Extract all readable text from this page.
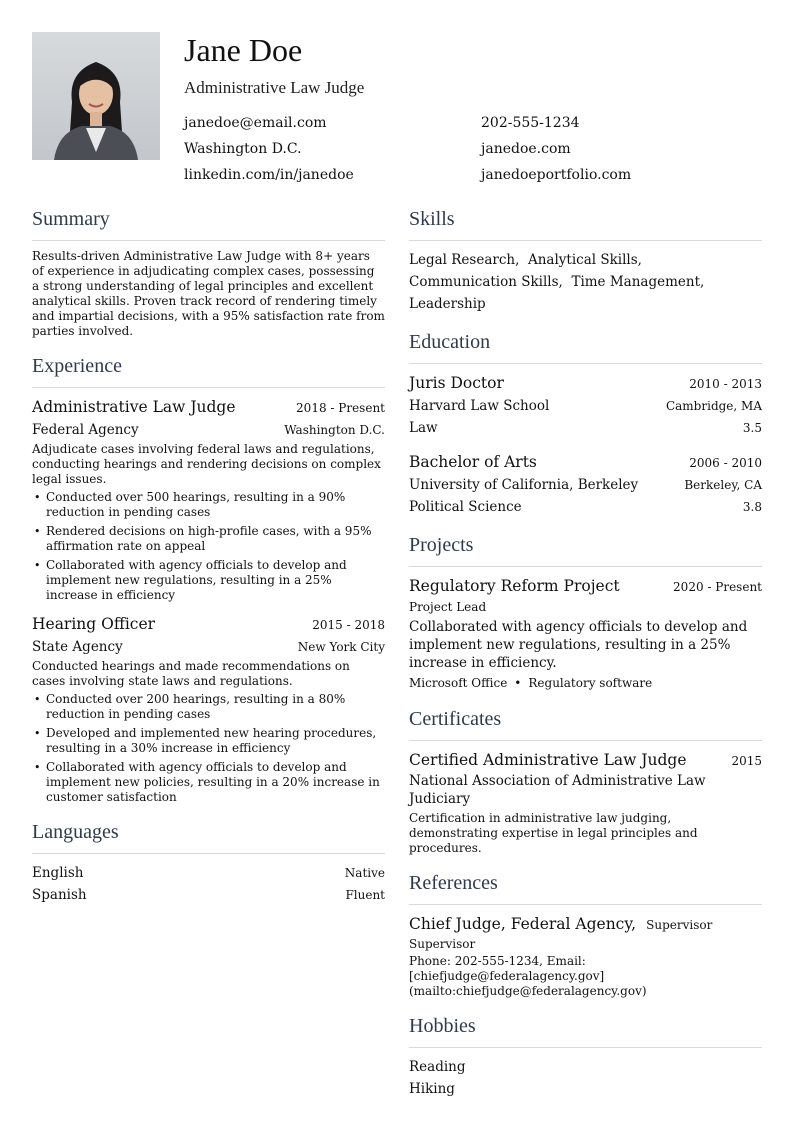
Jane Doe
Administrative Law Judge
janedoe@email.com	202-555-1234
Washington D.C.	janedoe.com
linkedin.com/in/janedoe	janedoeportfolio.com
Summary
Results-driven Administrative Law Judge with 8+ years of experience in adjudicating complex cases, possessing a strong understanding of legal principles and excellent analytical skills. Proven track record of rendering timely and impartial decisions, with a 95% satisfaction rate from parties involved.
Experience
Administrative Law Judge	2018 - Present
Federal Agency	Washington D.C.
Adjudicate cases involving federal laws and regulations, conducting hearings and rendering decisions on complex legal issues.
• Conducted over 500 hearings, resulting in a 90% reduction in pending cases
• Rendered decisions on high-profile cases, with a 95% affirmation rate on appeal
• Collaborated with agency officials to develop and implement new regulations, resulting in a 25% increase in efficiency
Hearing Officer	2015 - 2018
State Agency	New York City
Conducted hearings and made recommendations on cases involving state laws and regulations.
• Conducted over 200 hearings, resulting in a 80% reduction in pending cases
• Developed and implemented new hearing procedures, resulting in a 30% increase in efficiency
• Collaborated with agency officials to develop and implement new policies, resulting in a 20% increase in customer satisfaction
Languages
English	Native
Spanish	Fluent
Skills
Legal Research, Analytical Skills,
Communication Skills, Time Management,
Leadership
Education
Juris Doctor	2010 - 2013
Harvard Law School	Cambridge, MA
Law	3.5
Bachelor of Arts	2006 - 2010
University of California, Berkeley	Berkeley, CA
Political Science	3.8
Projects
Regulatory Reform Project	2020 - Present
Project Lead
Collaborated with agency officials to develop and implement new regulations, resulting in a 25% increase in efficiency.
Microsoft Office • Regulatory software
Certificates
Certified Administrative Law Judge	2015
National Association of Administrative Law Judiciary
Certification in administrative law judging, demonstrating expertise in legal principles and procedures.
References
Chief Judge, Federal Agency, Supervisor
Supervisor
Phone: 202-555-1234, Email: [chiefjudge@federalagency.gov](mailto:chiefjudge@federalagency.gov)
Hobbies
Reading
Hiking
